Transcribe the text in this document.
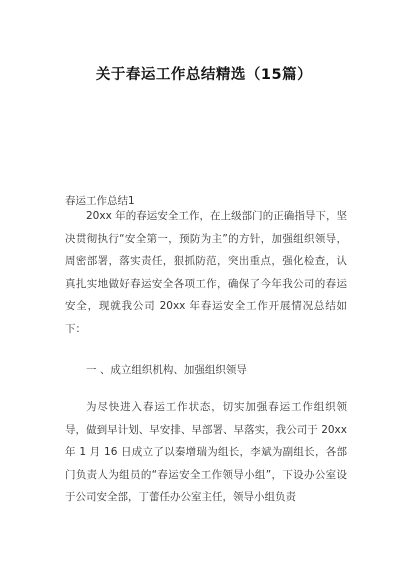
关于春运工作总结精选（15篇）
春运工作总结1

20xx 年的春运安全工作，在上级部门的正确指导下，坚决贯彻执行“安全第一，预防为主”的方针，加强组织领导，周密部署，落实责任，狠抓防范，突出重点，强化检查，认真扎实地做好春运安全各项工作，确保了今年我公司的春运安全，现就我公司 20xx 年春运安全工作开展情况总结如下：

一 、成立组织机构、加强组织领导

为尽快进入春运工作状态，切实加强春运工作组织领导，做到早计划、早安排、早部署、早落实，我公司于 20xx 年 1 月 16 日成立了以秦增瑞为组长，李斌为副组长，各部门负责人为组员的“春运安全工作领导小组”，下设办公室设于公司安全部，丁蕾任办公室主任，领导小组负责
